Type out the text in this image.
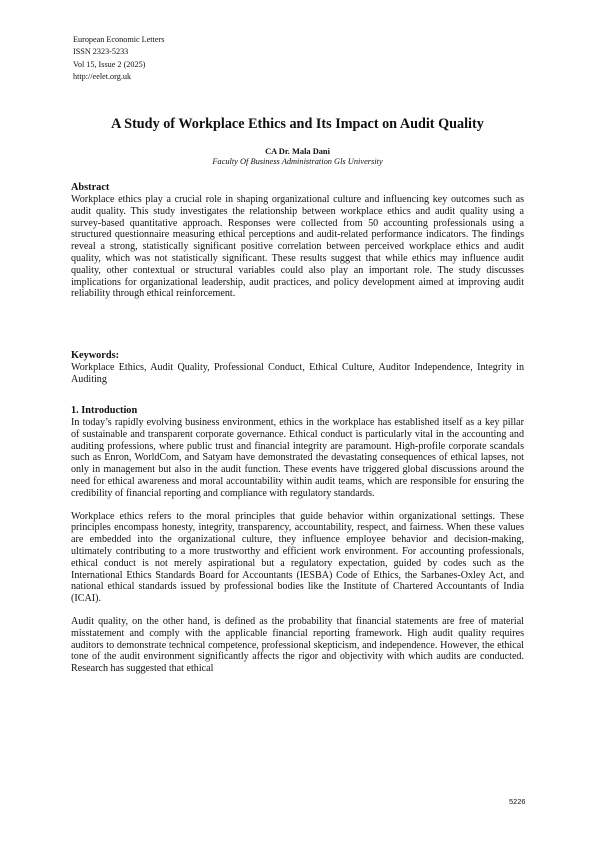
European Economic Letters
ISSN 2323-5233
Vol 15, Issue 2 (2025)
http://eelet.org.uk
A Study of Workplace Ethics and Its Impact on Audit Quality
CA Dr. Mala Dani
Faculty Of Business Administration Gls University
Abstract

Workplace ethics play a crucial role in shaping organizational culture and influencing key outcomes such as audit quality. This study investigates the relationship between workplace ethics and audit quality using a survey-based quantitative approach. Responses were collected from 50 accounting professionals using a structured questionnaire measuring ethical perceptions and audit-related performance indicators. The findings reveal a strong, statistically significant positive correlation between perceived workplace ethics and audit quality, which was not statistically significant. These results suggest that while ethics may influence audit quality, other contextual or structural variables could also play an important role. The study discusses implications for organizational leadership, audit practices, and policy development aimed at improving audit reliability through ethical reinforcement.

Keywords:

Workplace Ethics, Audit Quality, Professional Conduct, Ethical Culture, Auditor Independence, Integrity in Auditing

1. Introduction

In today’s rapidly evolving business environment, ethics in the workplace has established itself as a key pillar of sustainable and transparent corporate governance. Ethical conduct is particularly vital in the accounting and auditing professions, where public trust and financial integrity are paramount. High-profile corporate scandals such as Enron, WorldCom, and Satyam have demonstrated the devastating consequences of ethical lapses, not only in management but also in the audit function. These events have triggered global discussions around the need for ethical awareness and moral accountability within audit teams, which are responsible for ensuring the credibility of financial reporting and compliance with regulatory standards.

Workplace ethics refers to the moral principles that guide behavior within organizational settings. These principles encompass honesty, integrity, transparency, accountability, respect, and fairness. When these values are embedded into the organizational culture, they influence employee behavior and decision-making, ultimately contributing to a more trustworthy and efficient work environment. For accounting professionals, ethical conduct is not merely aspirational but a regulatory expectation, guided by codes such as the International Ethics Standards Board for Accountants (IESBA) Code of Ethics, the Sarbanes-Oxley Act, and national ethical standards issued by professional bodies like the Institute of Chartered Accountants of India (ICAI).

Audit quality, on the other hand, is defined as the probability that financial statements are free of material misstatement and comply with the applicable financial reporting framework. High audit quality requires auditors to demonstrate technical competence, professional skepticism, and independence. However, the ethical tone of the audit environment significantly affects the rigor and objectivity with which audits are conducted. Research has suggested that ethical

5226
